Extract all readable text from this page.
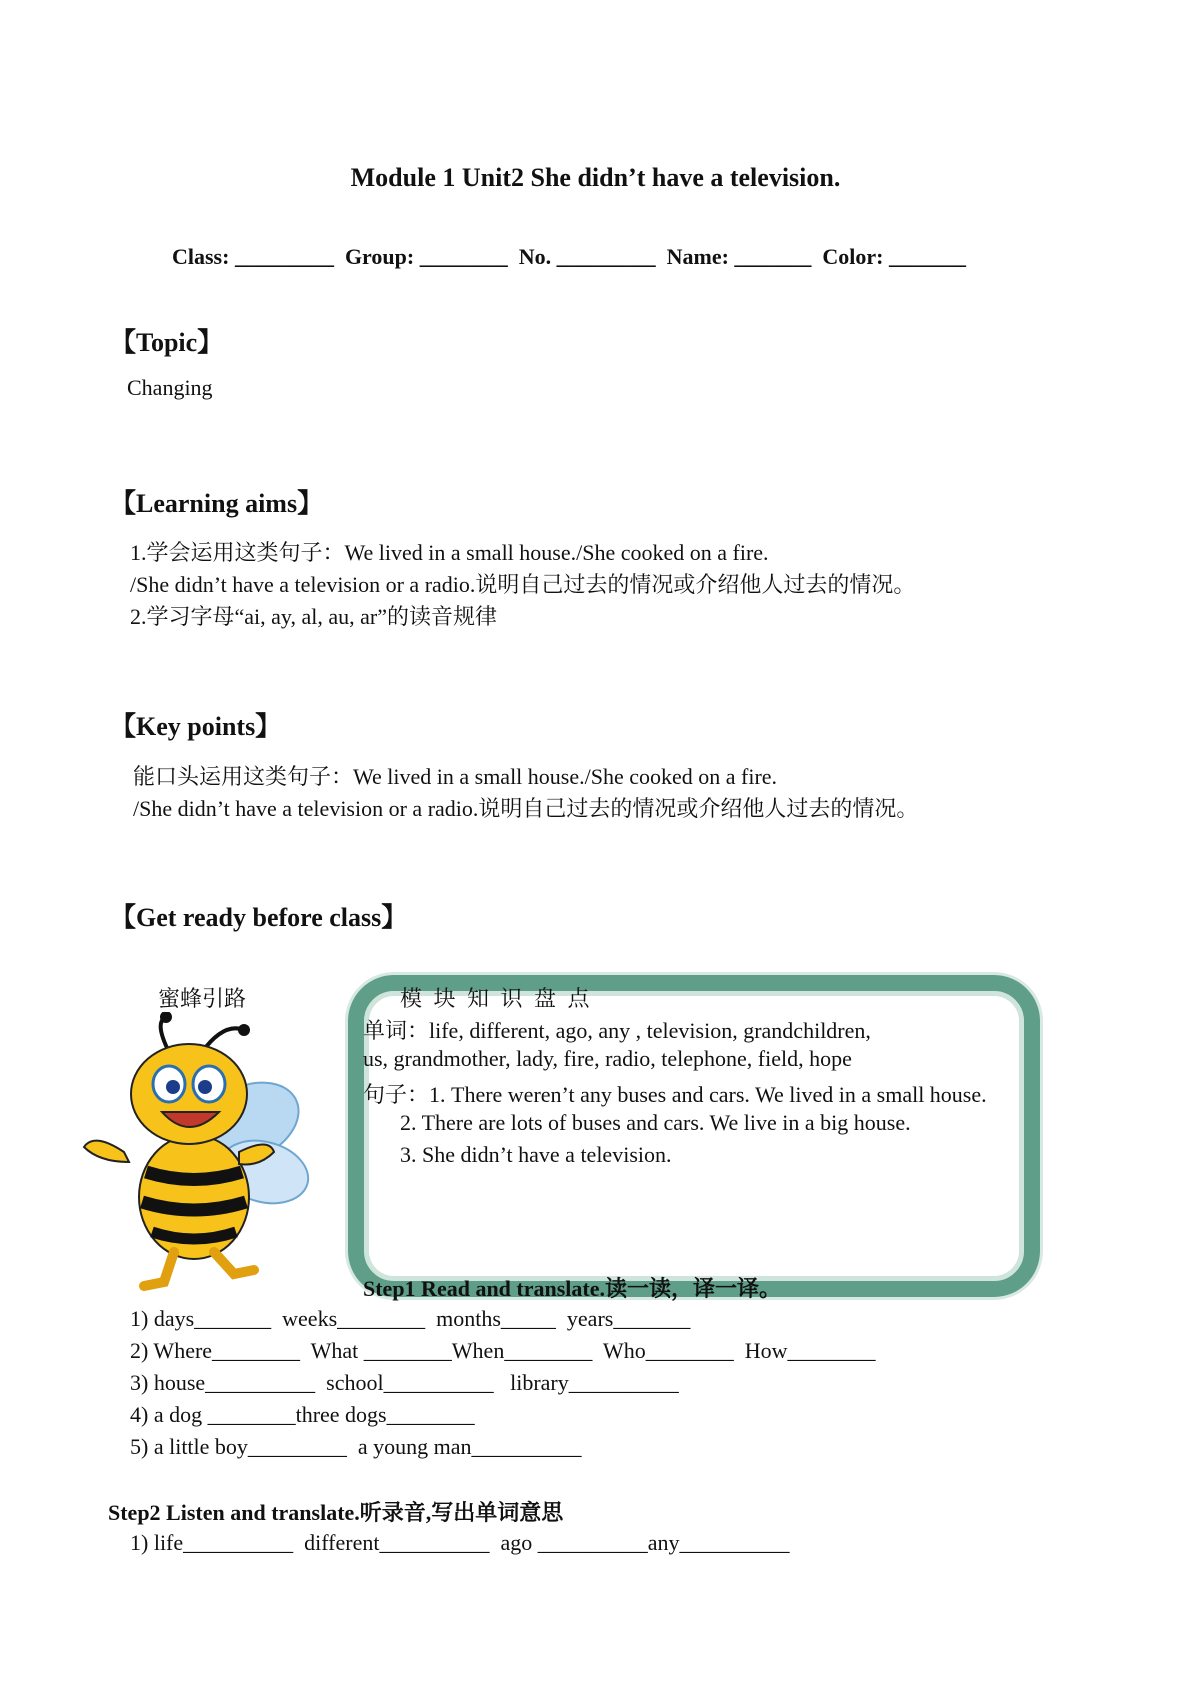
Module 1 Unit2 She didn’t have a television.
Class: _________  Group: ________  No. _________  Name: _______  Color: _______
【Topic】
Changing
【Learning aims】
1.学会运用这类句子：We lived in a small house./She cooked on a fire.
/She didn’t have a television or a radio.说明自己过去的情况或介绍他人过去的情况。
2.学习字母“ai, ay, al, au, ar”的读音规律
【Key points】
能口头运用这类句子：We lived in a small house./She cooked on a fire.
/She didn’t have a television or a radio.说明自己过去的情况或介绍他人过去的情况。
【Get ready before class】
蜜蜂引路	模 块 知 识 盘 点
单词：life, different, ago, any , television, grandchildren,
us, grandmother, lady, fire, radio, telephone, field, hope
句子：1. There weren’t any buses and cars. We lived in a small house.
2. There are lots of buses and cars. We live in a big house.
3. She didn’t have a television.
Step1 Read and translate.读一读，译一译。
1) days_______  weeks________  months_____  years_______
2) Where________  What ________When________  Who________  How________
3) house__________  school__________   library__________
4) a dog ________three dogs________
5) a little boy_________  a young man__________
Step2 Listen and translate.听录音,写出单词意思
1) life__________  different__________  ago __________any__________
